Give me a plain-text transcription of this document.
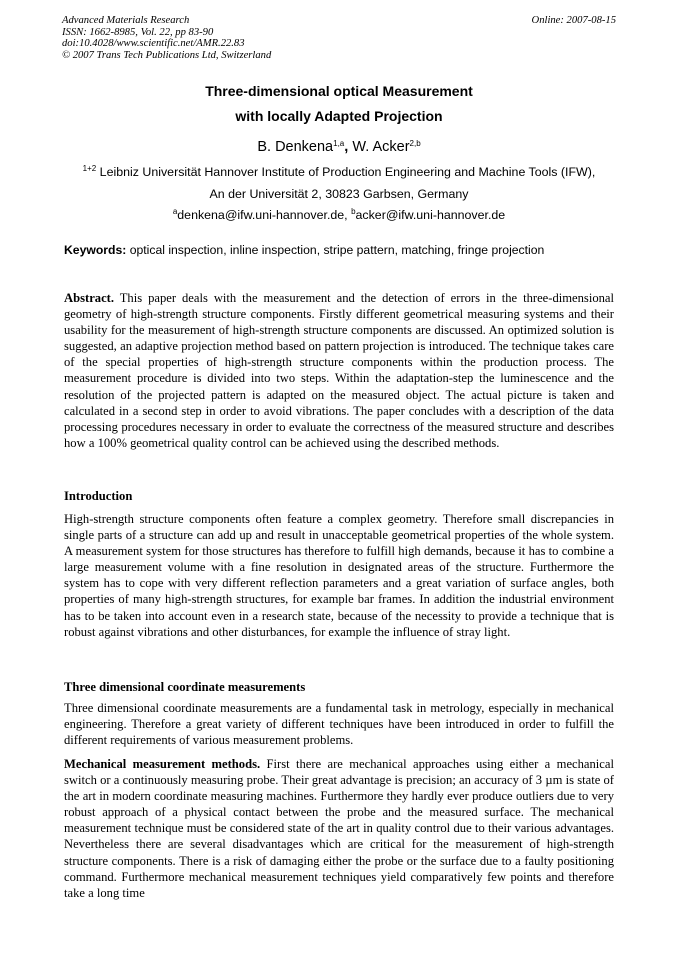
Advanced Materials Research
ISSN: 1662-8985, Vol. 22, pp 83-90
doi:10.4028/www.scientific.net/AMR.22.83
© 2007 Trans Tech Publications Ltd, Switzerland
Online: 2007-08-15
Three-dimensional optical Measurement
with locally Adapted Projection
B. Denkena$^{1,a}$, W. Acker$^{2,b}$
$^{1+2}$ Leibniz Universität Hannover Institute of Production Engineering and Machine Tools (IFW),
An der Universität 2, 30823 Garbsen, Germany
$^a$denkena@ifw.uni-hannover.de, $^b$acker@ifw.uni-hannover.de
Keywords: optical inspection, inline inspection, stripe pattern, matching, fringe projection
Abstract. This paper deals with the measurement and the detection of errors in the three-dimensional geometry of high-strength structure components. Firstly different geometrical measuring systems and their usability for the measurement of high-strength structure components are discussed. An optimized solution is suggested, an adaptive projection method based on pattern projection is introduced. The technique takes care of the special properties of high-strength structure components within the production process. The measurement procedure is divided into two steps. Within the adaptation-step the luminescence and the resolution of the projected pattern is adapted on the measured object. The actual picture is taken and calculated in a second step in order to avoid vibrations. The paper concludes with a description of the data processing procedures necessary in order to evaluate the correctness of the measured structure and describes how a 100% geometrical quality control can be achieved using the described methods.
Introduction
High-strength structure components often feature a complex geometry. Therefore small discrepancies in single parts of a structure can add up and result in unacceptable geometrical properties of the whole system. A measurement system for those structures has therefore to fulfill high demands, because it has to combine a large measurement volume with a fine resolution in designated areas of the structure. Furthermore the system has to cope with very different reflection parameters and a great variation of surface angles, both properties of many high-strength structures, for example bar frames. In addition the industrial environment has to be taken into account even in a research state, because of the necessity to provide a technique that is robust against vibrations and other disturbances, for example the influence of stray light.
Three dimensional coordinate measurements
Three dimensional coordinate measurements are a fundamental task in metrology, especially in mechanical engineering. Therefore a great variety of different techniques have been introduced in order to fulfill the different requirements of various measurement problems.
Mechanical measurement methods. First there are mechanical approaches using either a mechanical switch or a continuously measuring probe. Their great advantage is precision; an accuracy of 3 µm is state of the art in modern coordinate measuring machines. Furthermore they hardly ever produce outliers due to very robust approach of a physical contact between the probe and the measured surface. The mechanical measurement technique must be considered state of the art in quality control due to their various advantages. Nevertheless there are several disadvantages which are critical for the measurement of high-strength structure components. There is a risk of damaging either the probe or the surface due to a faulty positioning command. Furthermore mechanical measurement techniques yield comparatively few points and therefore take a long time
